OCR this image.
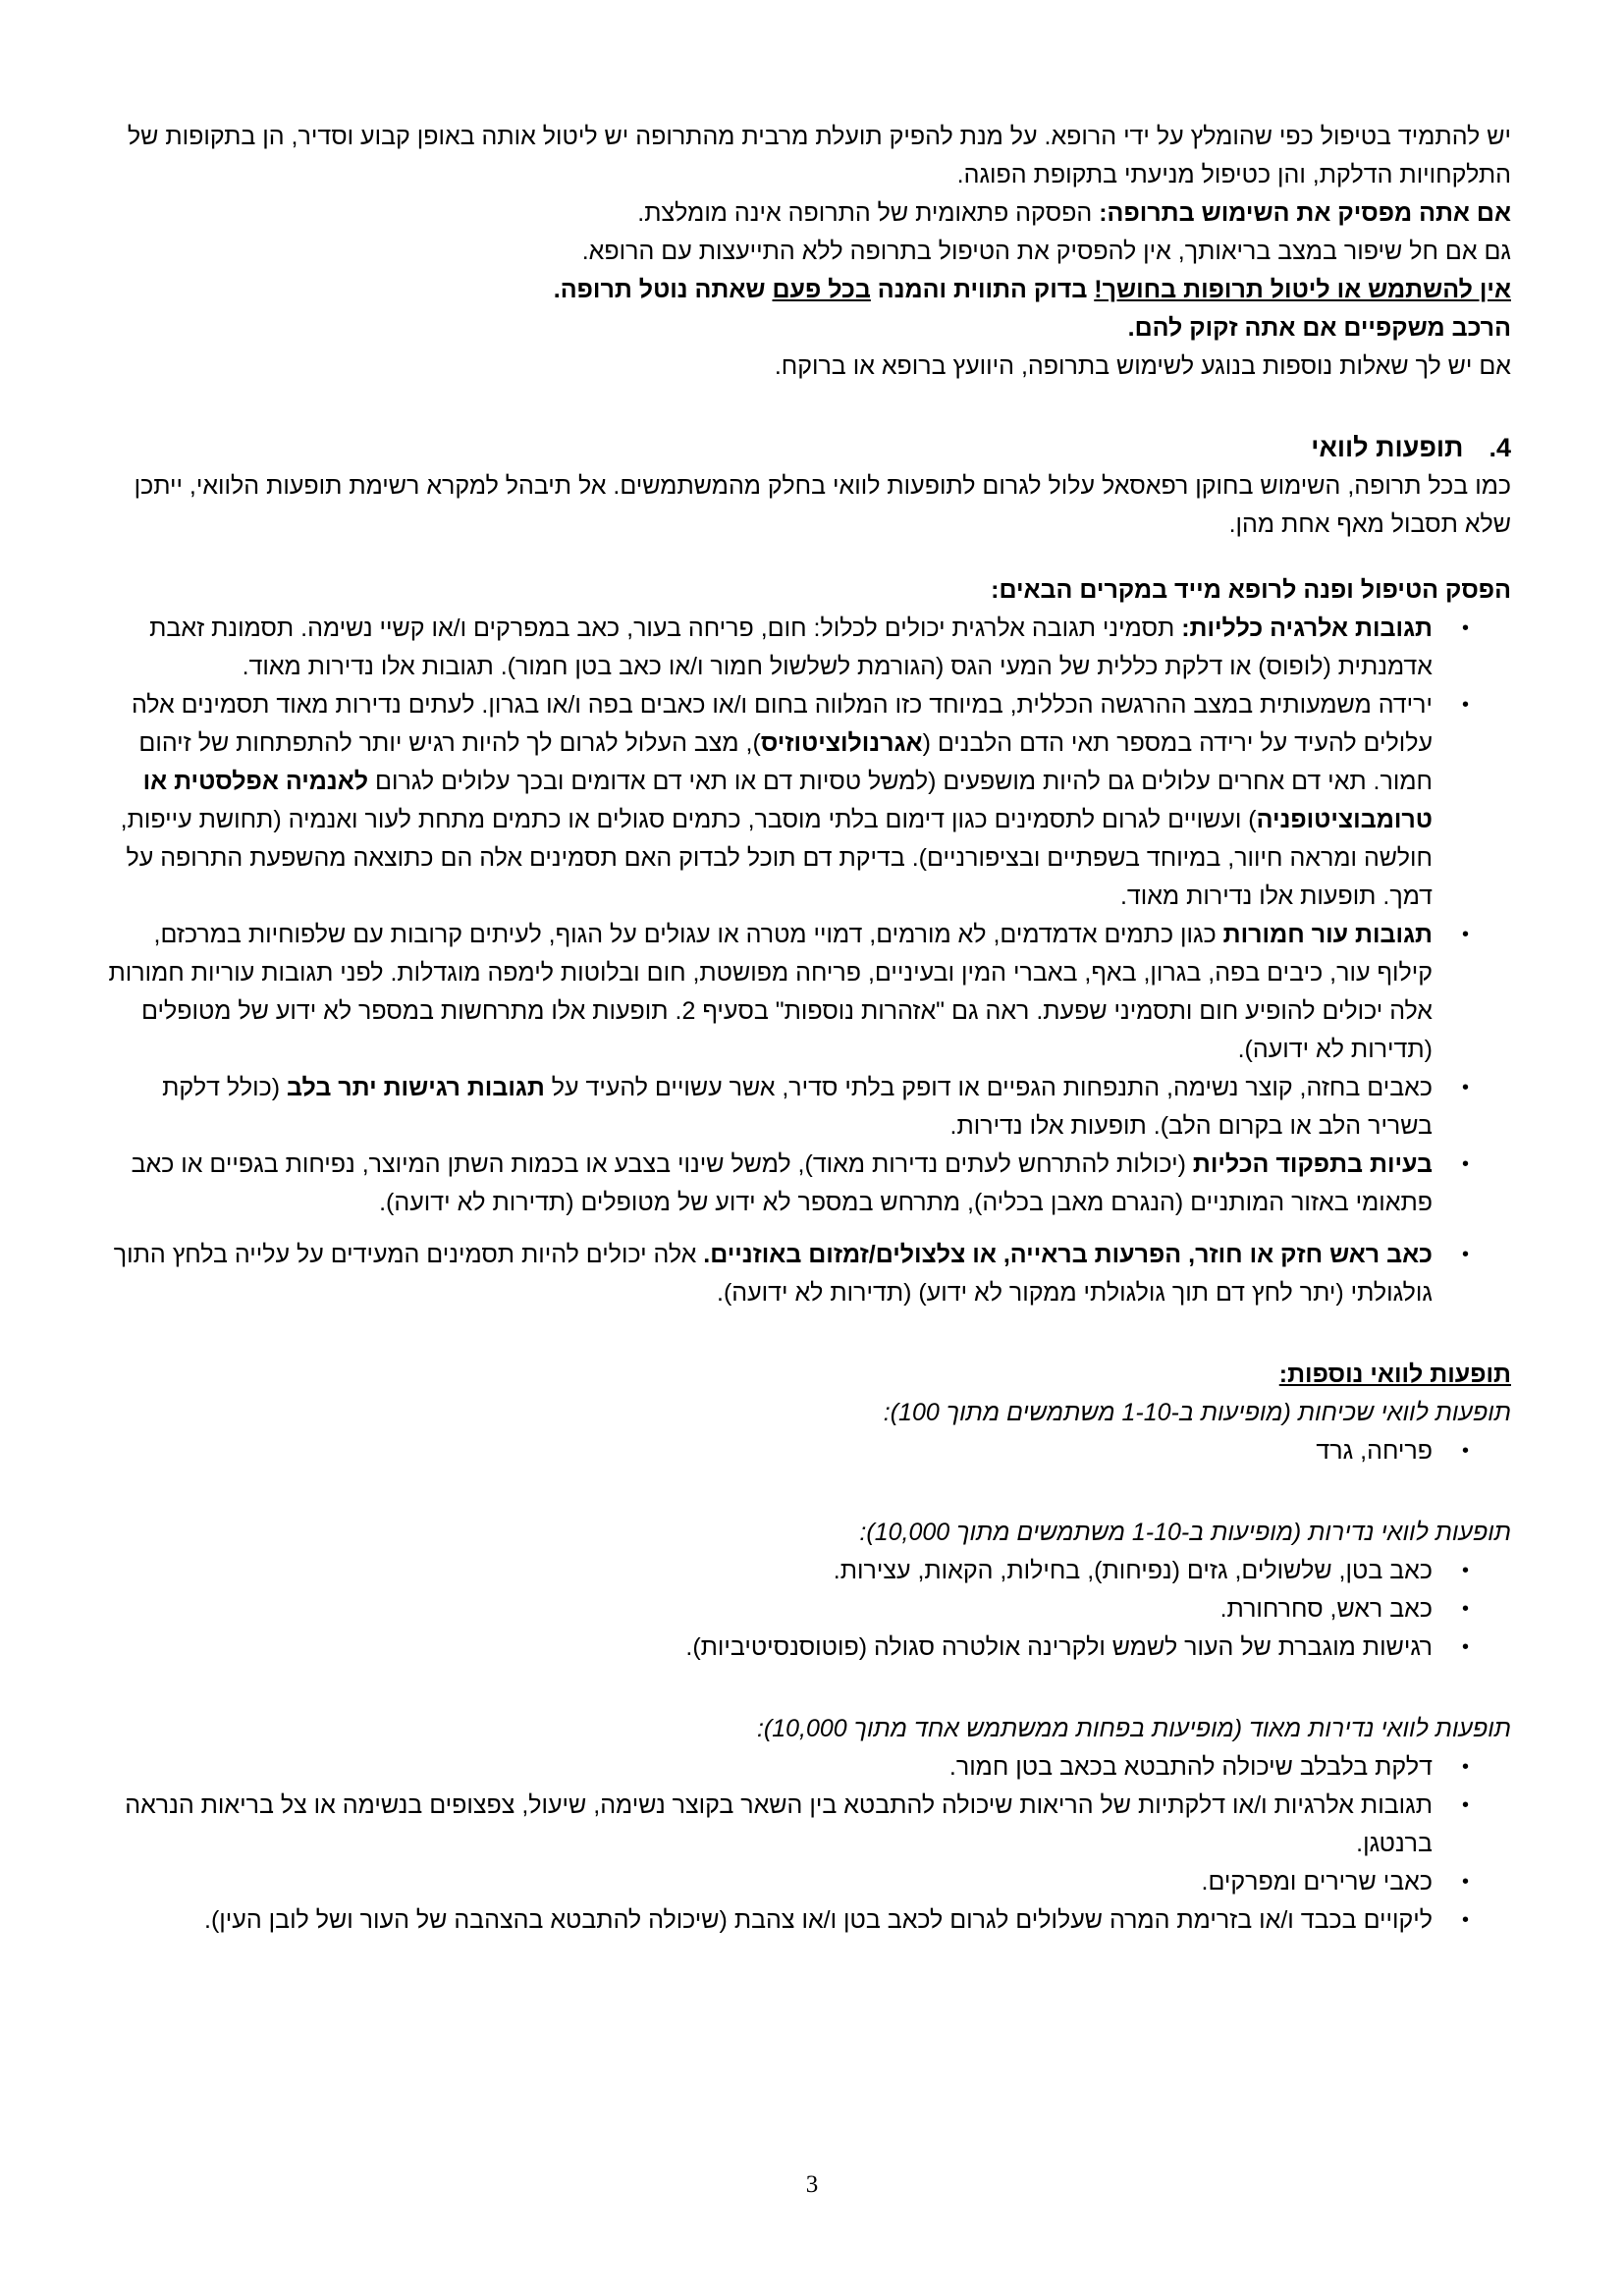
יש להתמיד בטיפול כפי שהומלץ על ידי הרופא. על מנת להפיק תועלת מרבית מהתרופה יש ליטול אותה באופן קבוע וסדיר, הן בתקופות של התלקחויות הדלקת, והן כטיפול מניעתי בתקופת הפוגה.

אם אתה מפסיק את השימוש בתרופה: הפסקה פתאומית של התרופה אינה מומלצת.

גם אם חל שיפור במצב בריאותך, אין להפסיק את הטיפול בתרופה ללא התייעצות עם הרופא.

אין להשתמש או ליטול תרופות בחושך! בדוק התווית והמנה בכל פעם שאתה נוטל תרופה.

הרכב משקפיים אם אתה זקוק להם.

אם יש לך שאלות נוספות בנוגע לשימוש בתרופה, היוועץ ברופא או ברוקח.

4.
תופעות לוואי

כמו בכל תרופה, השימוש בחוקן רפאסאל עלול לגרום לתופעות לוואי בחלק מהמשתמשים. אל תיבהל למקרא רשימת תופעות הלוואי, ייתכן שלא תסבול מאף אחת מהן.

הפסק הטיפול ופנה לרופא מייד במקרים הבאים:

•
תגובות אלרגיה כלליות: תסמיני תגובה אלרגית יכולים לכלול: חום, פריחה בעור, כאב במפרקים ו/או קשיי נשימה. תסמונת זאבת אדמנתית (לופוס) או דלקת כללית של המעי הגס (הגורמת לשלשול חמור ו/או כאב בטן חמור). תגובות אלו נדירות מאוד.
•
ירידה משמעותית במצב ההרגשה הכללית, במיוחד כזו המלווה בחום ו/או כאבים בפה ו/או בגרון. לעתים נדירות מאוד תסמינים אלה עלולים להעיד על ירידה במספר תאי הדם הלבנים (אגרנולוציטוזיס), מצב העלול לגרום לך להיות רגיש יותר להתפתחות של זיהום חמור. תאי דם אחרים עלולים גם להיות מושפעים (למשל טסיות דם או תאי דם אדומים ובכך עלולים לגרום לאנמיה אפלסטית או טרומבוציטופניה) ועשויים לגרום לתסמינים כגון דימום בלתי מוסבר, כתמים סגולים או כתמים מתחת לעור ואנמיה (תחושת עייפות, חולשה ומראה חיוור, במיוחד בשפתיים ובציפורניים). בדיקת דם תוכל לבדוק האם תסמינים אלה הם כתוצאה מהשפעת התרופה על דמך. תופעות אלו נדירות מאוד.
•
תגובות עור חמורות כגון כתמים אדמדמים, לא מורמים, דמויי מטרה או עגולים על הגוף, לעיתים קרובות עם שלפוחיות במרכזם, קילוף עור, כיבים בפה, בגרון, באף, באברי המין ובעיניים, פריחה מפושטת, חום ובלוטות לימפה מוגדלות. לפני תגובות עוריות חמורות אלה יכולים להופיע חום ותסמיני שפעת. ראה גם "אזהרות נוספות" בסעיף 2. תופעות אלו מתרחשות במספר לא ידוע של מטופלים (תדירות לא ידועה).
•
כאבים בחזה, קוצר נשימה, התנפחות הגפיים או דופק בלתי סדיר, אשר עשויים להעיד על תגובות רגישות יתר בלב (כולל דלקת בשריר הלב או בקרום הלב). תופעות אלו נדירות.
•
בעיות בתפקוד הכליות (יכולות להתרחש לעתים נדירות מאוד), למשל שינוי בצבע או בכמות השתן המיוצר, נפיחות בגפיים או כאב פתאומי באזור המותניים (הנגרם מאבן בכליה), מתרחש במספר לא ידוע של מטופלים (תדירות לא ידועה).
•
כאב ראש חזק או חוזר, הפרעות בראייה, או צלצולים/זמזום באוזניים. אלה יכולים להיות תסמינים המעידים על עלייה בלחץ התוך גולגולתי (יתר לחץ דם תוך גולגולתי ממקור לא ידוע) (תדירות לא ידועה).

תופעות לוואי נוספות:

תופעות לוואי שכיחות (מופיעות ב-1-10 משתמשים מתוך 100):

•
פריחה, גרד

תופעות לוואי נדירות (מופיעות ב-1-10 משתמשים מתוך 10,000):

•
כאב בטן, שלשולים, גזים (נפיחות), בחילות, הקאות, עצירות.
•
כאב ראש, סחרחורת.
•
רגישות מוגברת של העור לשמש ולקרינה אולטרה סגולה (פוטוסנסיטיביות).

תופעות לוואי נדירות מאוד (מופיעות בפחות ממשתמש אחד מתוך 10,000):

•
דלקת בלבלב שיכולה להתבטא בכאב בטן חמור.
•
תגובות אלרגיות ו/או דלקתיות של הריאות שיכולה להתבטא בין השאר בקוצר נשימה, שיעול, צפצופים בנשימה או צל בריאות הנראה ברנטגן.
•
כאבי שרירים ומפרקים.
•
ליקויים בכבד ו/או בזרימת המרה שעלולים לגרום לכאב בטן ו/או צהבת (שיכולה להתבטא בהצהבה של העור ושל לובן העין).
3
